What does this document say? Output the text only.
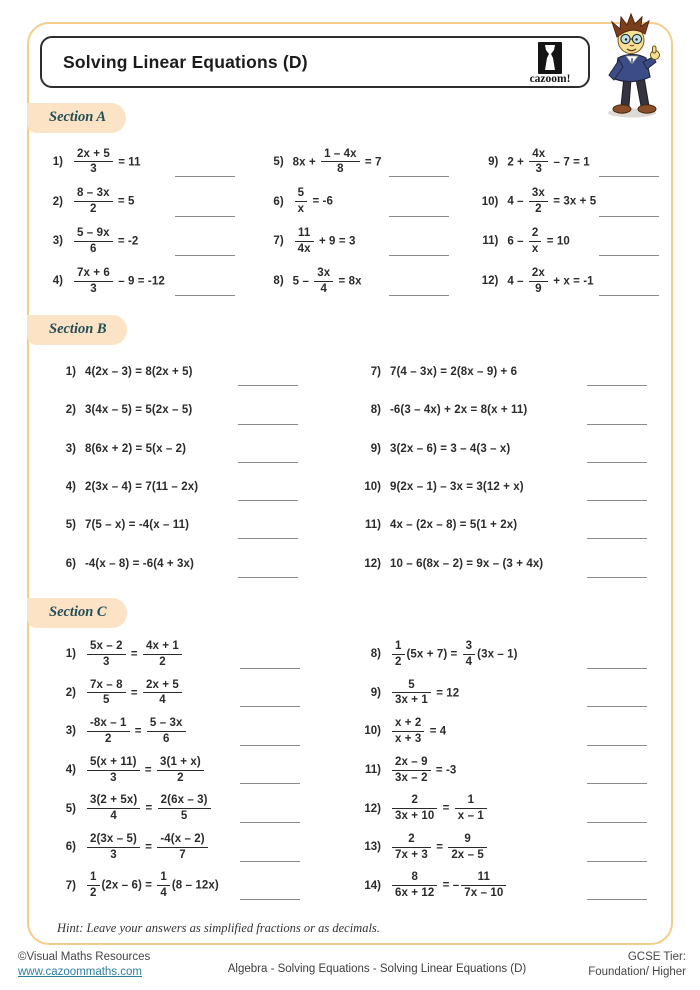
Solving Linear Equations (D)
cazoom!
Section A
$1) \frac{2x + 5}{3} = 11$
$2) \frac{8 - 3x}{2} = 5$
$3) \frac{5 - 9x}{6} = -2$
$4) \frac{7x + 6}{3} - 9 = -12$
5) $8x + \frac{1 - 4x}{8} = 7$
$6) \frac{5}{x} = -6$
$7) \frac{11}{4x} + 9 = 3$
8) $5 - \frac{3x}{4} = 8x$
9) $2 + \frac{4x}{3} - 7 = 1$
10) $4 - \frac{3x}{2} = 3x + 5$
11) $6 - \frac{2}{x} = 10$
12) $4 - \frac{2x}{9} + x = -1$
Section B
1) 4(2x – 3) = 8(2x + 5)
2) 3(4x – 5) = 5(2x – 5)
3) 8(6x + 2) = 5(x – 2)
4) 2(3x – 4) = 7(11 – 2x)
5) 7(5 – x) = -4(x – 11)
6) -4(x – 8) = -6(4 + 3x)
7) 7(4 – 3x) = 2(8x – 9) + 6
8) -6(3 – 4x) + 2x = 8(x + 11)
9) 3(2x – 6) = 3 – 4(3 – x)
10) 9(2x – 1) – 3x = 3(12 + x)
11) 4x – (2x – 8) = 5(1 + 2x)
12) 10 – 6(8x – 2) = 9x – (3 + 4x)
Section C
$1) \frac{5x - 2}{3} = \frac{4x + 1}{2}$
$2) \frac{7x - 8}{5} = \frac{2x + 5}{4}$
$3) \frac{-8x - 1}{2} = \frac{5 - 3x}{6}$
$4) \frac{5(x + 11)}{3} = \frac{3(1 + x)}{2}$
$5) \frac{3(2 + 5x)}{4} = \frac{2(6x - 3)}{5}$
$6) \frac{2(3x - 5)}{3} = \frac{-4(x - 2)}{7}$
$7) \frac{1}{2} (2x - 6) = \frac{1}{4} (8 - 12x)$
$8) \frac{1}{2} (5x + 7) = \frac{3}{4} (3x - 1)$
$9) \frac{5}{3x + 1} = 12$
$10) \frac{x + 2}{x + 3} = 4$
$11) \frac{2x - 9}{3x - 2} = -3$
$12) \frac{2}{3x + 10} = \frac{1}{x - 1}$
$13) \frac{2}{7x + 3} = \frac{9}{2x - 5}$
$14) \frac{8}{6x + 12}$ = – $\frac{11}{7x - 10}$
Hint: Leave your answers as simplified fractions or as decimals.
©Visual Maths Resources
www.cazoommaths.com	Algebra - Solving Equations - Solving Linear Equations (D)
GCSE Tier:
Foundation/ Higher
